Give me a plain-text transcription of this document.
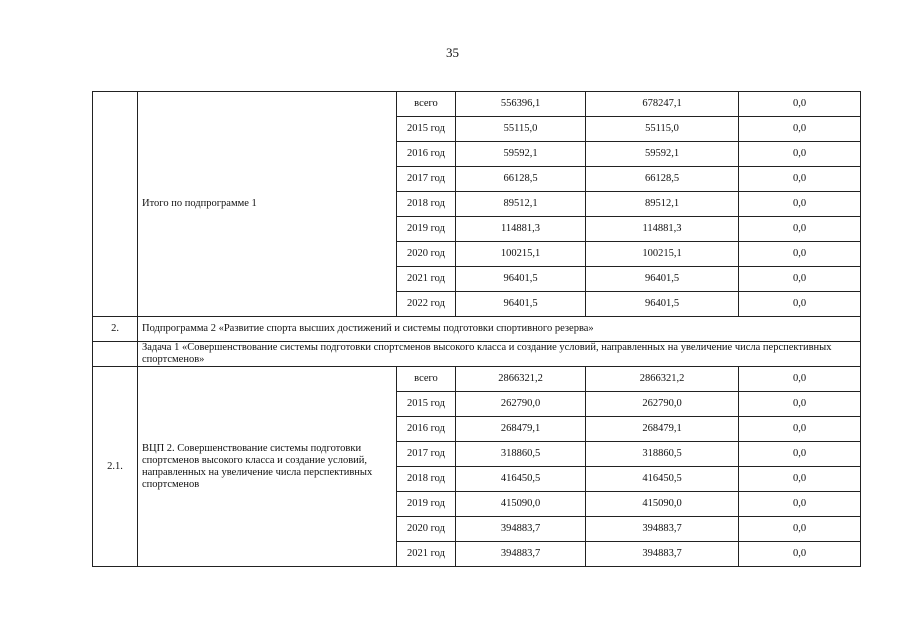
35
	Итого по подпрограмме 1	всего	556396,1	678247,1	0,0
		2015 год	55115,0	55115,0	0,0
		2016 год	59592,1	59592,1	0,0
		2017 год	66128,5	66128,5	0,0
		2018 год	89512,1	89512,1	0,0
		2019 год	114881,3	114881,3	0,0
		2020 год	100215,1	100215,1	0,0
		2021 год	96401,5	96401,5	0,0
		2022 год	96401,5	96401,5	0,0
2.	Подпрограмма 2 «Развитие спорта высших достижений и системы подготовки спортивного резерва»				
	Задача 1 «Совершенствование системы подготовки спортсменов высокого класса и создание условий, направленных на увеличение числа перспективных спортсменов»				
2.1.	ВЦП 2. Совершенствование системы подготовки спортсменов высокого класса и создание условий, направленных на увеличение числа перспективных спортсменов	всего	2866321,2	2866321,2	0,0
		2015 год	262790,0	262790,0	0,0
		2016 год	268479,1	268479,1	0,0
		2017 год	318860,5	318860,5	0,0
		2018 год	416450,5	416450,5	0,0
		2019 год	415090,0	415090,0	0,0
		2020 год	394883,7	394883,7	0,0
		2021 год	394883,7	394883,7	0,0
